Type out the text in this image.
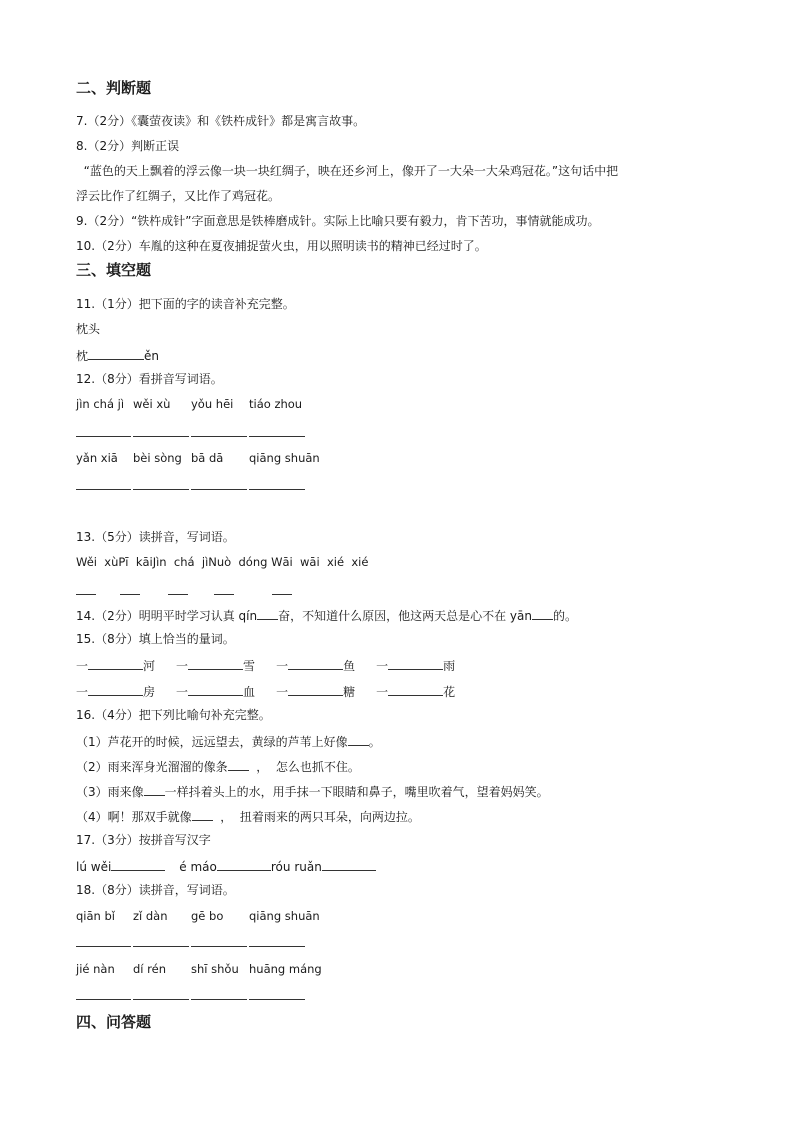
二、判断题
7.（2分）《囊萤夜读》和《铁杵成针》都是寓言故事。
8.（2分）判断正误
“蓝色的天上飘着的浮云像一块一块红绸子，映在还乡河上，像开了一大朵一大朵鸡冠花。”这句话中把
浮云比作了红绸子，又比作了鸡冠花。
9.（2分）“铁杵成针”字面意思是铁棒磨成针。实际上比喻只要有毅力，肯下苦功，事情就能成功。
10.（2分）车胤的这种在夏夜捕捉萤火虫，用以照明读书的精神已经过时了。
三、填空题
11.（1分）把下面的字的读音补充完整。
枕头
枕	ěn
12.（8分）看拼音写词语。
jìn chá jì wěi xù yǒu hēi tiáo zhou
yǎn xiā bèi sòng bā dā qiāng shuān
13.（5分）读拼音，写词语。
Wěi  xùPī  kāiJìn  chá  jìNuò  dóng Wāi  wāi  xié  xié
14.（2分）明明平时学习认真 qín 奋，不知道什么原因，他这两天总是心不在 yān 的。
15.（8分）填上恰当的量词。
一	河 一	雪 一	鱼 一	雨
一	房 一	血 一	糖 一	花
16.（4分）把下列比喻句补充完整。
（1）芦花开的时候，远远望去，黄绿的芦苇上好像 。
（2）雨来浑身光溜溜的像条  ，  怎么也抓不住。
（3）雨来像 一样抖着头上的水，用手抹一下眼睛和鼻子，嘴里吹着气，望着妈妈笑。
（4）啊！那双手就像  ，  扭着雨来的两只耳朵，向两边拉。
17.（3分）按拼音写汉字
lú wěi	é máo	róu ruǎn
18.（8分）读拼音，写词语。
qiān bǐ zǐ dàn gē bo qiāng shuān
jié nàn dí rén shī shǒu huāng máng
四、问答题
